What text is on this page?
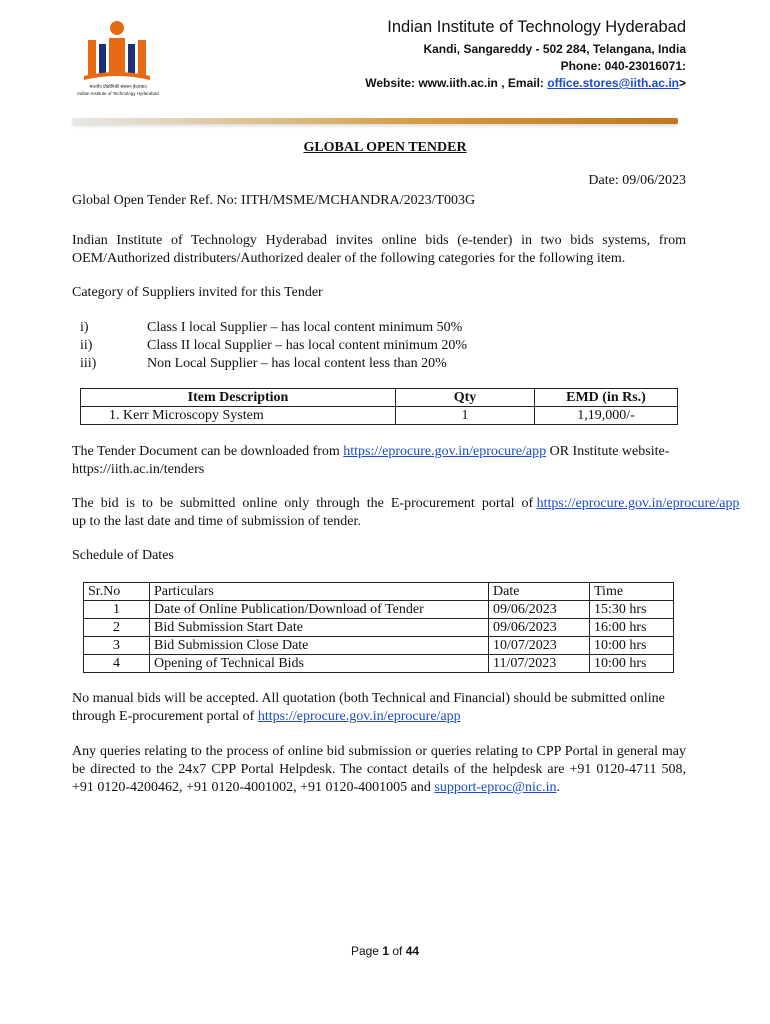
भारतीय प्रौद्योगिकी संस्थान हैदराबाद
Indian Institute of Technology Hyderabad
Indian Institute of Technology Hyderabad
Kandi, Sangareddy - 502 284, Telangana, India
Phone: 040-23016071:
Website: www.iith.ac.in , Email: office.stores@iith.ac.in>
GLOBAL OPEN TENDER
Date: 09/06/2023
Global Open Tender Ref. No: IITH/MSME/MCHANDRA/2023/T003G
Indian Institute of Technology Hyderabad invites online bids (e-tender) in two bids systems, from OEM/Authorized distributers/Authorized dealer of the following categories for the following item.
Category of Suppliers invited for this Tender
i)	Class I local Supplier – has local content minimum 50%
ii)	Class II local Supplier – has local content minimum 20%
iii)	Non Local Supplier – has local content less than 20%
Item Description	Qty	EMD (in Rs.)
1. Kerr Microscopy System	1	1,19,000/-
The Tender Document can be downloaded from https://eprocure.gov.in/eprocure/app OR Institute website- https://iith.ac.in/tenders
The  bid  is  to  be  submitted  online  only  through  the  E-procurement  portal  of https://eprocure.gov.in/eprocure/app up to the last date and time of submission of tender.
Schedule of Dates
Sr.No	Particulars	Date	Time
1	Date of Online Publication/Download of Tender	09/06/2023	15:30 hrs
2	Bid Submission Start Date	09/06/2023	16:00 hrs
3	Bid Submission Close Date	10/07/2023	10:00 hrs
4	Opening of Technical Bids	11/07/2023	10:00 hrs
No manual bids will be accepted. All quotation (both Technical and Financial) should be submitted online through E-procurement portal of https://eprocure.gov.in/eprocure/app
Any queries relating to the process of online bid submission or queries relating to CPP Portal in general may be directed to the 24x7 CPP Portal Helpdesk. The contact details of the helpdesk are +91 0120-4711 508, +91 0120-4200462, +91 0120-4001002, +91 0120-4001005 and support-eproc@nic.in.
Page 1 of 44
